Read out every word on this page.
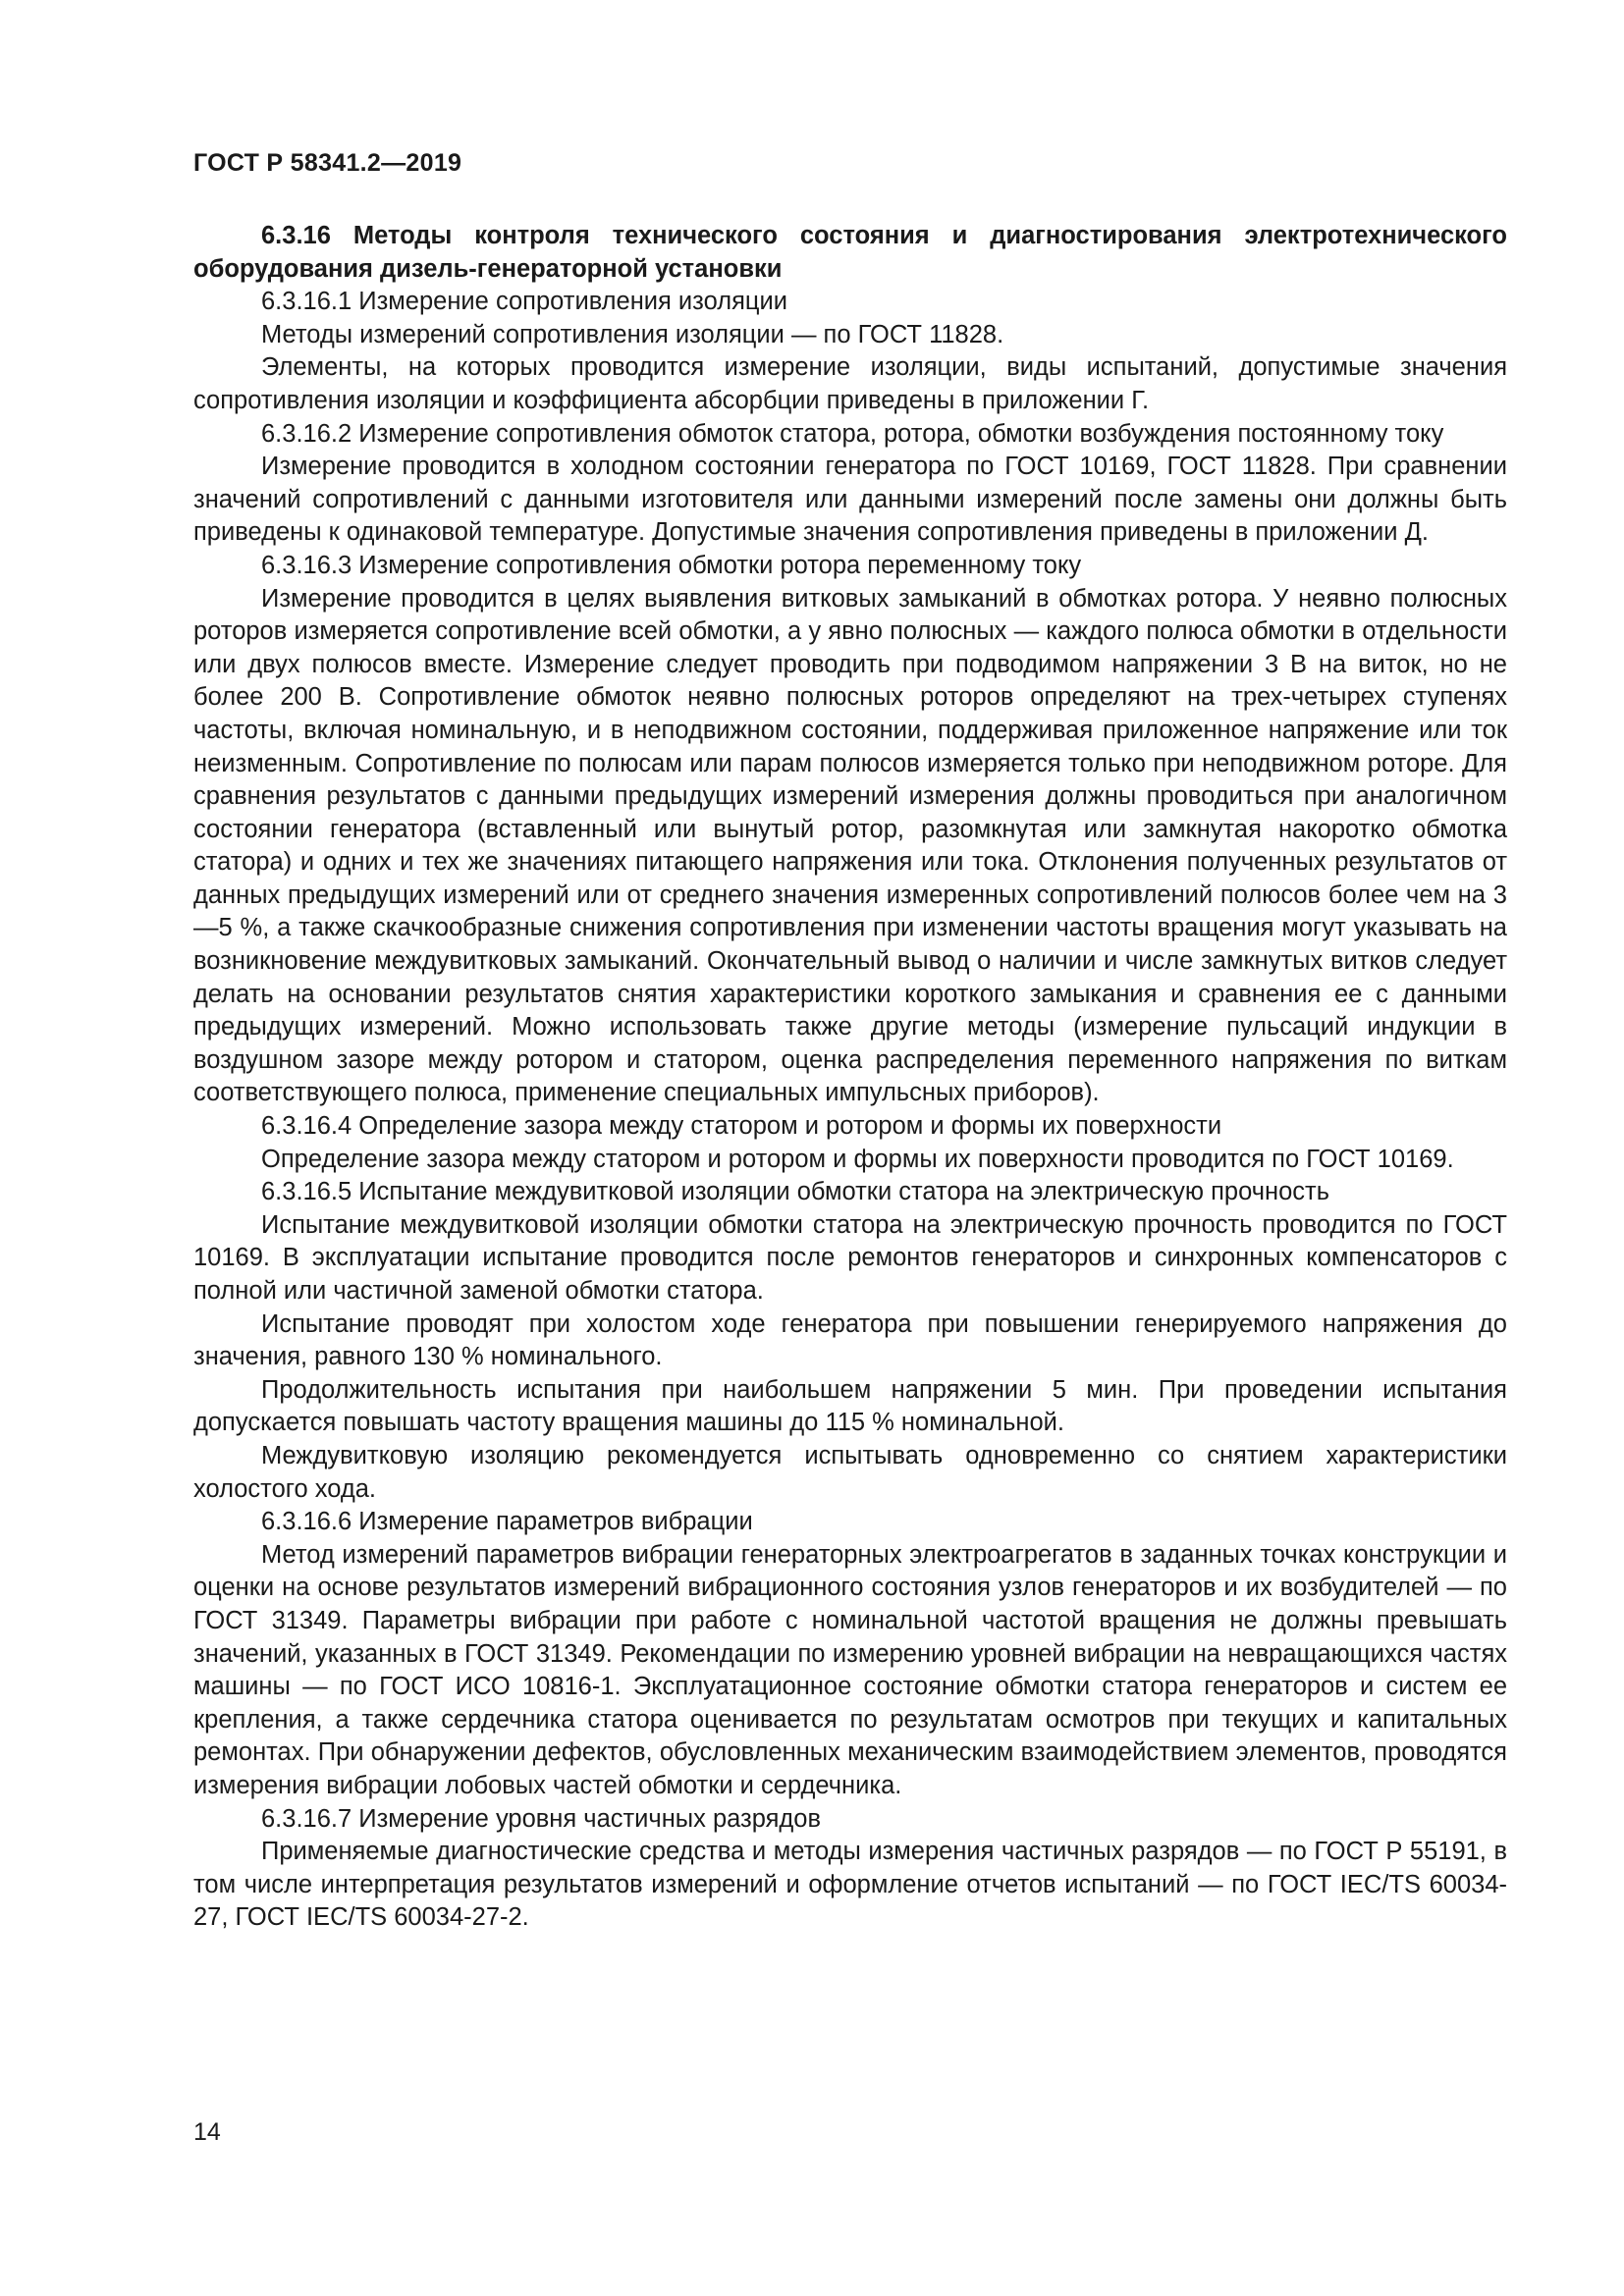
ГОСТ Р 58341.2—2019

6.3.16 Методы контроля технического состояния и диагностирования электротехнического оборудования дизель-генераторной установки

6.3.16.1 Измерение сопротивления изоляции

Методы измерений сопротивления изоляции — по ГОСТ 11828.

Элементы, на которых проводится измерение изоляции, виды испытаний, допустимые значения сопротивления изоляции и коэффициента абсорбции приведены в приложении Г.

6.3.16.2 Измерение сопротивления обмоток статора, ротора, обмотки возбуждения постоянному току

Измерение проводится в холодном состоянии генератора по ГОСТ 10169, ГОСТ 11828. При сравнении значений сопротивлений с данными изготовителя или данными измерений после замены они должны быть приведены к одинаковой температуре. Допустимые значения сопротивления приведены в приложении Д.

6.3.16.3 Измерение сопротивления обмотки ротора переменному току

Измерение проводится в целях выявления витковых замыканий в обмотках ротора. У неявно полюсных роторов измеряется сопротивление всей обмотки, а у явно полюсных — каждого полюса обмотки в отдельности или двух полюсов вместе. Измерение следует проводить при подводимом напряжении 3 В на виток, но не более 200 В. Сопротивление обмоток неявно полюсных роторов определяют на трех-четырех ступенях частоты, включая номинальную, и в неподвижном состоянии, поддерживая приложенное напряжение или ток неизменным. Сопротивление по полюсам или парам полюсов измеряется только при неподвижном роторе. Для сравнения результатов с данными предыдущих измерений измерения должны проводиться при аналогичном состоянии генератора (вставленный или вынутый ротор, разомкнутая или замкнутая накоротко обмотка статора) и одних и тех же значениях питающего напряжения или тока. Отклонения полученных результатов от данных предыдущих измерений или от среднего значения измеренных сопротивлений полюсов более чем на 3—5 %, а также скачкообразные снижения сопротивления при изменении частоты вращения могут указывать на возникновение междувитковых замыканий. Окончательный вывод о наличии и числе замкнутых витков следует делать на основании результатов снятия характеристики короткого замыкания и сравнения ее с данными предыдущих измерений. Можно использовать также другие методы (измерение пульсаций индукции в воздушном зазоре между ротором и статором, оценка распределения переменного напряжения по виткам соответствующего полюса, применение специальных импульсных приборов).

6.3.16.4 Определение зазора между статором и ротором и формы их поверхности

Определение зазора между статором и ротором и формы их поверхности проводится по ГОСТ 10169.

6.3.16.5 Испытание междувитковой изоляции обмотки статора на электрическую прочность

Испытание междувитковой изоляции обмотки статора на электрическую прочность проводится по ГОСТ 10169. В эксплуатации испытание проводится после ремонтов генераторов и синхронных компенсаторов с полной или частичной заменой обмотки статора.

Испытание проводят при холостом ходе генератора при повышении генерируемого напряжения до значения, равного 130 % номинального.

Продолжительность испытания при наибольшем напряжении 5 мин. При проведении испытания допускается повышать частоту вращения машины до 115 % номинальной.

Междувитковую изоляцию рекомендуется испытывать одновременно со снятием характеристики холостого хода.

6.3.16.6 Измерение параметров вибрации

Метод измерений параметров вибрации генераторных электроагрегатов в заданных точках конструкции и оценки на основе результатов измерений вибрационного состояния узлов генераторов и их возбудителей — по ГОСТ 31349. Параметры вибрации при работе с номинальной частотой вращения не должны превышать значений, указанных в ГОСТ 31349. Рекомендации по измерению уровней вибрации на невращающихся частях машины — по ГОСТ ИСО 10816-1. Эксплуатационное состояние обмотки статора генераторов и систем ее крепления, а также сердечника статора оценивается по результатам осмотров при текущих и капитальных ремонтах. При обнаружении дефектов, обусловленных механическим взаимодействием элементов, проводятся измерения вибрации лобовых частей обмотки и сердечника.

6.3.16.7 Измерение уровня частичных разрядов

Применяемые диагностические средства и методы измерения частичных разрядов — по ГОСТ Р 55191, в том числе интерпретация результатов измерений и оформление отчетов испытаний — по ГОСТ IEC/TS 60034-27, ГОСТ IEC/TS 60034-27-2.

14
